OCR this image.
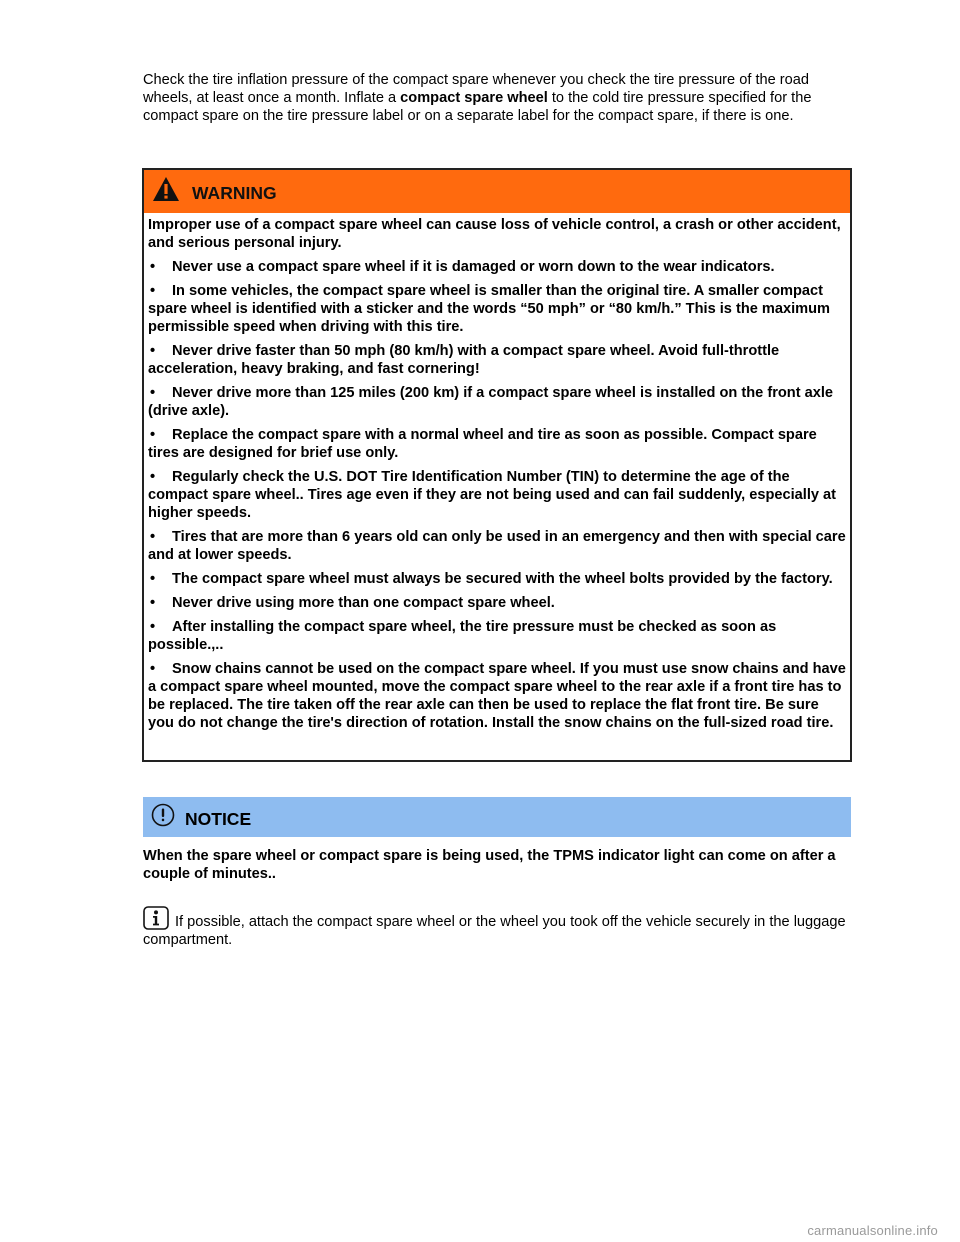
Check the tire inflation pressure of the compact spare whenever you check the tire pressure of the road wheels, at least once a month. Inflate a compact spare wheel to the cold tire pressure specified for the compact spare on the tire pressure label or on a separate label for the compact spare, if there is one.

WARNING

Improper use of a compact spare wheel can cause loss of vehicle control, a crash or other accident, and serious personal injury.

• Never use a compact spare wheel if it is damaged or worn down to the wear indicators.
• In some vehicles, the compact spare wheel is smaller than the original tire. A smaller compact spare wheel is identified with a sticker and the words “50 mph” or “80 km/h.” This is the maximum permissible speed when driving with this tire.
• Never drive faster than 50 mph (80 km/h) with a compact spare wheel. Avoid full-throttle acceleration, heavy braking, and fast cornering!
• Never drive more than 125 miles (200 km) if a compact spare wheel is installed on the front axle (drive axle).
• Replace the compact spare with a normal wheel and tire as soon as possible. Compact spare tires are designed for brief use only.
• Regularly check the U.S. DOT Tire Identification Number (TIN) to determine the age of the compact spare wheel.. Tires age even if they are not being used and can fail suddenly, especially at higher speeds.
• Tires that are more than 6 years old can only be used in an emergency and then with special care and at lower speeds.
• The compact spare wheel must always be secured with the wheel bolts provided by the factory.
• Never drive using more than one compact spare wheel.
• After installing the compact spare wheel, the tire pressure must be checked as soon as possible.,..
• Snow chains cannot be used on the compact spare wheel. If you must use snow chains and have a compact spare wheel mounted, move the compact spare wheel to the rear axle if a front tire has to be replaced. The tire taken off the rear axle can then be used to replace the flat front tire. Be sure you do not change the tire's direction of rotation. Install the snow chains on the full-sized road tire.
NOTICE

When the spare wheel or compact spare is being used, the TPMS indicator light can come on after a couple of minutes..

If possible, attach the compact spare wheel or the wheel you took off the vehicle securely in the luggage compartment.

carmanualsonline.info
